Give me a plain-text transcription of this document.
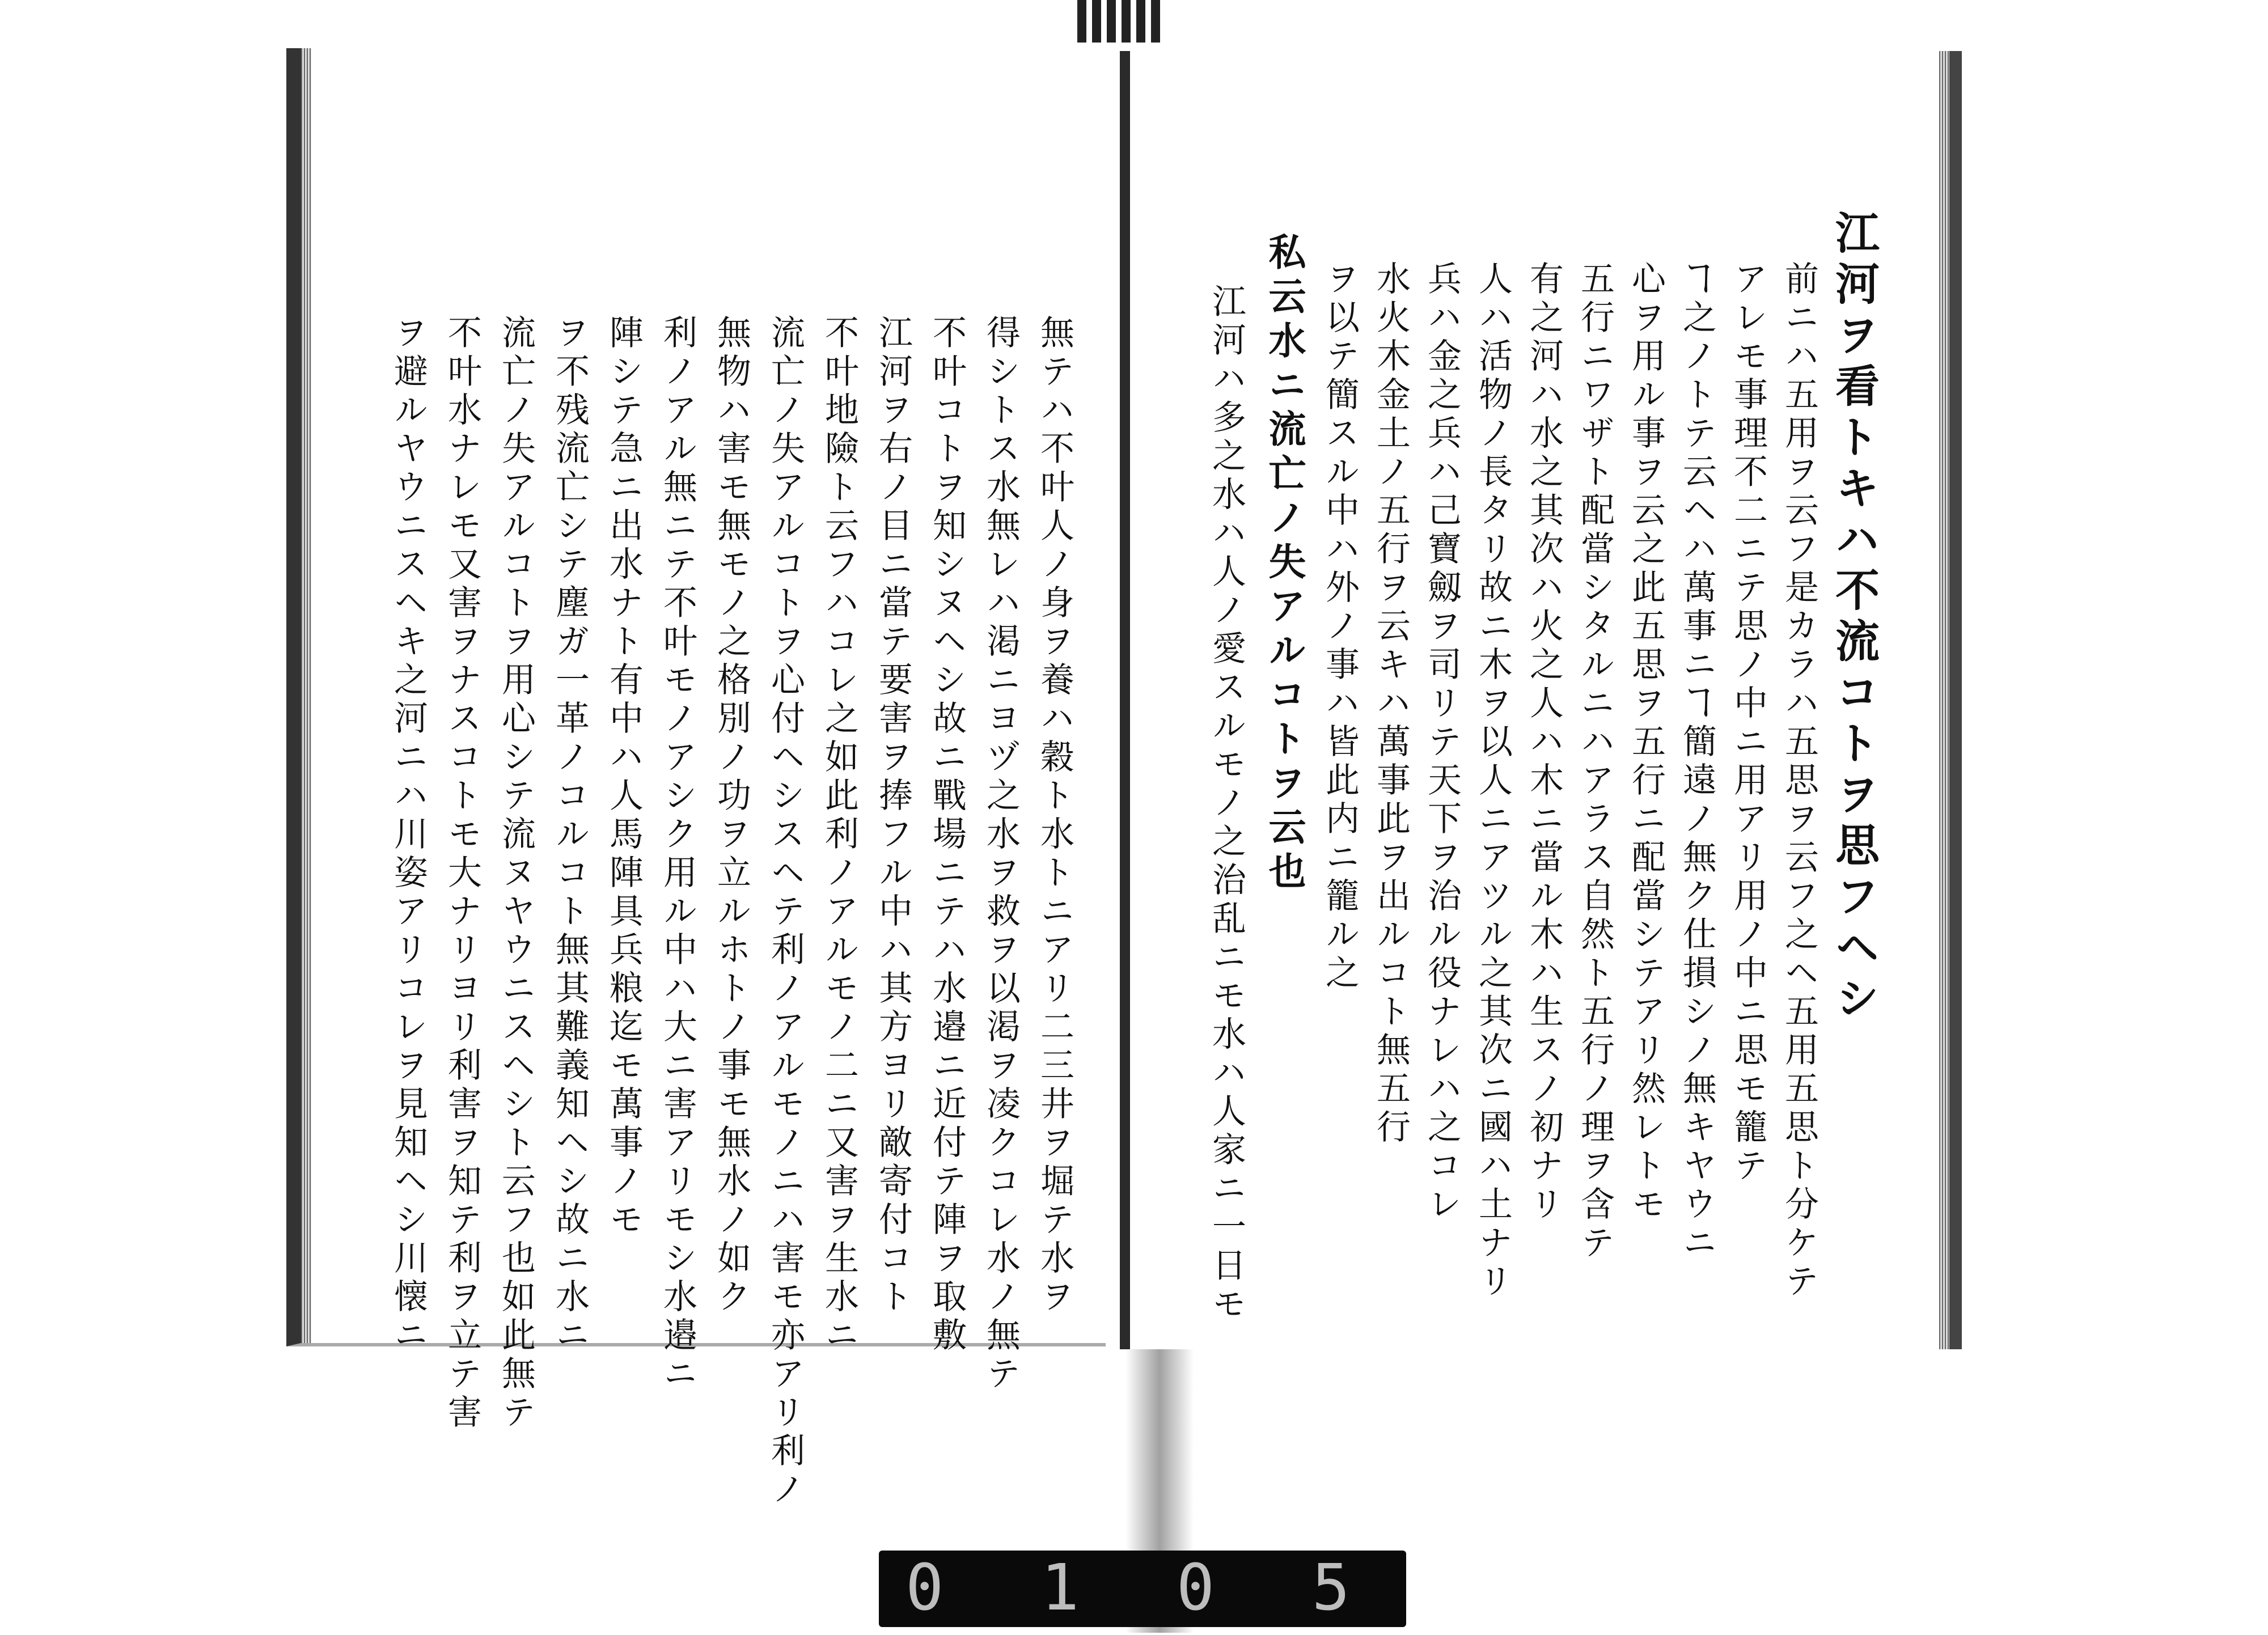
無テハ不叶人ノ身ヲ養ハ穀ト水トニアリ二三井ヲ堀テ水ヲ
得シトス水無レハ渇ニヨヅ之水ヲ救ヲ以渇ヲ凌クコレ水ノ無テ
不叶コトヲ知シヌヘシ故ニ戰場ニテハ水邉ニ近付テ陣ヲ取敷
江河ヲ右ノ目ニ當テ要害ヲ捧フル中ハ其方ヨリ敵寄付コト
不叶地險ト云フハコレ之如此利ノアルモノ二ニ又害ヲ生水ニ
流亡ノ失アルコトヲ心付ヘシスヘテ利ノアルモノニハ害モ亦アリ利ノ
無物ハ害モ無モノ之格別ノ功ヲ立ルホトノ事モ無水ノ如ク
利ノアル無ニテ不叶モノアシク用ル中ハ大ニ害アリモシ水邉ニ
陣シテ急ニ出水ナト有中ハ人馬陣具兵粮迄モ萬事ノモ
ヲ不残流亡シテ塵ガ一革ノコルコト無其難義知ヘシ故ニ水ニ
流亡ノ失アルコトヲ用心シテ流ヌヤウニスヘシト云フ也如此無テ
不叶水ナレモ又害ヲナスコトモ大ナリヨリ利害ヲ知テ利ヲ立テ害
ヲ避ルヤウニスヘキ之河ニハ川姿アリコレヲ見知ヘシ川懐ニ	江河ヲ看トキハ不流コトヲ思フヘシ
前ニハ五用ヲ云フ是カラハ五思ヲ云フ之ヘ五用五思ト分ケテ
アレモ事理不二ニテ思ノ中ニ用アリ用ノ中ニ思モ籠テ
ヿ之ノトテ云ヘハ萬事ニヿ簡遠ノ無ク仕損シノ無キヤウニ
心ヲ用ル事ヲ云之此五思ヲ五行ニ配當シテアリ然レトモ
五行ニワザト配當シタルニハアラス自然ト五行ノ理ヲ含テ
有之河ハ水之其次ハ火之人ハ木ニ當ル木ハ生スノ初ナリ
人ハ活物ノ長タリ故ニ木ヲ以人ニアツル之其次ニ國ハ土ナリ
兵ハ金之兵ハ己寶劔ヲ司リテ天下ヲ治ル役ナレハ之コレ
水火木金土ノ五行ヲ云キハ萬事此ヲ出ルコト無五行
ヲ以テ簡スル中ハ外ノ事ハ皆此内ニ籠ル之
私云水ニ流亡ノ失アルコトヲ云也
江河ハ多之水ハ人ノ愛スルモノ之治乱ニモ水ハ人家ニ一日モ
0 1 0 5
